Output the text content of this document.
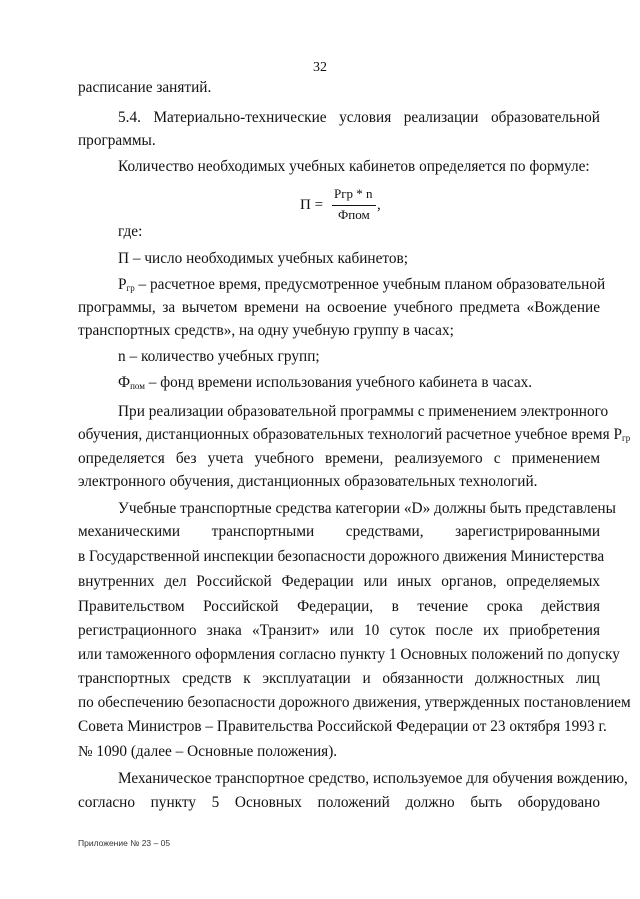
32
расписание занятий.
5.4. Материально-технические условия реализации образовательной
программы.
Количество необходимых учебных кабинетов определяется по формуле:
П =
Ргр * n
Фпом
,
где:
П – число необходимых учебных кабинетов;
$Р_{гр}$ – расчетное время, предусмотренное учебным планом образовательной
программы, за вычетом времени на освоение учебного предмета «Вождение
транспортных средств», на одну учебную группу в часах;
n – количество учебных групп;
$Ф_{пом}$ – фонд времени использования учебного кабинета в часах.
При реализации образовательной программы с применением электронного
обучения, дистанционных образовательных технологий расчетное учебное время $Р_{гр}$
определяется без учета учебного времени, реализуемого с применением
электронного обучения, дистанционных образовательных технологий.
Учебные транспортные средства категории «D» должны быть представлены
механическими транспортными средствами, зарегистрированными
в Государственной инспекции безопасности дорожного движения Министерства
внутренних дел Российской Федерации или иных органов, определяемых
Правительством Российской Федерации, в течение срока действия
регистрационного знака «Транзит» или 10 суток после их приобретения
или таможенного оформления согласно пункту 1 Основных положений по допуску
транспортных средств к эксплуатации и обязанности должностных лиц
по обеспечению безопасности дорожного движения, утвержденных постановлением
Совета Министров – Правительства Российской Федерации от 23 октября 1993 г.
№ 1090 (далее – Основные положения).
Механическое транспортное средство, используемое для обучения вождению,
согласно пункту 5 Основных положений должно быть оборудовано
Приложение № 23 – 05
